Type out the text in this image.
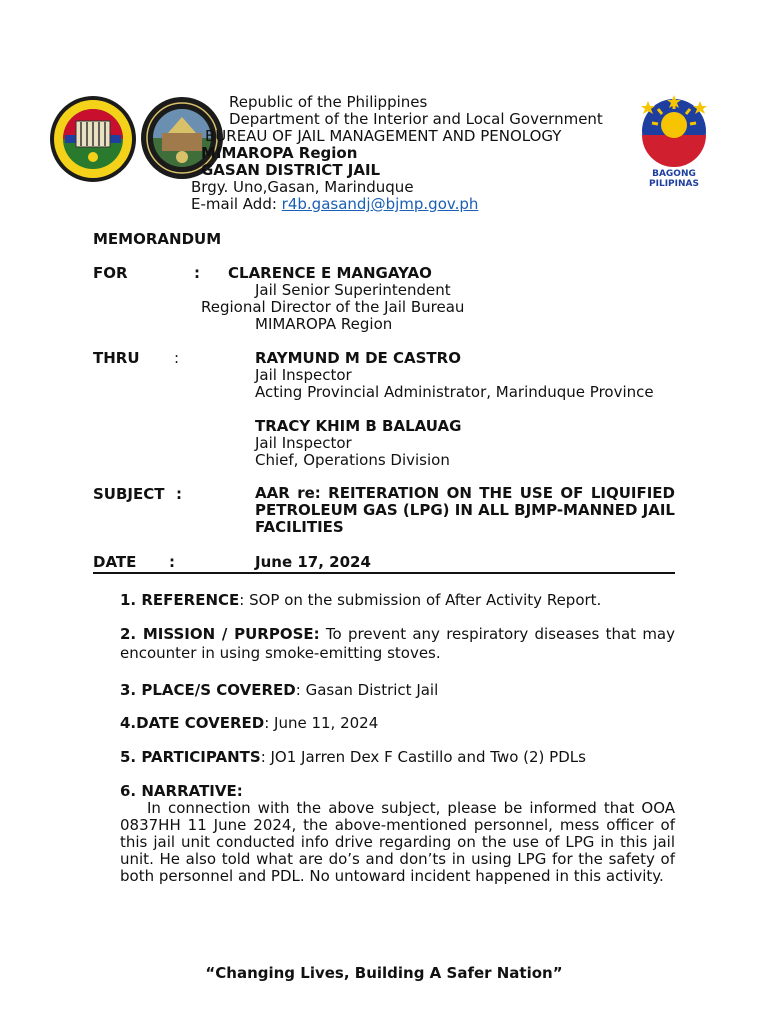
BAGONG PILIPINAS
Republic of the Philippines
Department of the Interior and Local Government
BUREAU OF JAIL MANAGEMENT AND PENOLOGY
MIMAROPA Region
GASAN DISTRICT JAIL
Brgy. Uno,Gasan, Marinduque
E-mail Add: r4b.gasandj@bjmp.gov.ph
MEMORANDUM
FOR	: CLARENCE E MANGAYAO
Jail Senior Superintendent
Regional Director of the Jail Bureau
MIMAROPA Region
THRU :	RAYMUND M DE CASTRO
Jail Inspector
Acting Provincial Administrator, Marinduque Province
TRACY KHIM B BALAUAG
Jail Inspector
Chief, Operations Division
SUBJECT :	AAR re: REITERATION ON THE USE OF LIQUIFIED PETROLEUM GAS (LPG) IN ALL BJMP-MANNED JAIL FACILITIES
DATE :	June 17, 2024
1. REFERENCE: SOP on the submission of After Activity Report.
2. MISSION / PURPOSE: To prevent any respiratory diseases that may encounter in using smoke-emitting stoves.
3. PLACE/S COVERED: Gasan District Jail
4.DATE COVERED: June 11, 2024
5. PARTICIPANTS: JO1 Jarren Dex F Castillo and Two (2) PDLs
6. NARRATIVE:
In connection with the above subject, please be informed that OOA 0837HH 11 June 2024, the above-mentioned personnel, mess officer of this jail unit conducted info drive regarding on the use of LPG in this jail unit. He also told what are do’s and don’ts in using LPG for the safety of both personnel and PDL. No untoward incident happened in this activity.
“Changing Lives, Building A Safer Nation”
